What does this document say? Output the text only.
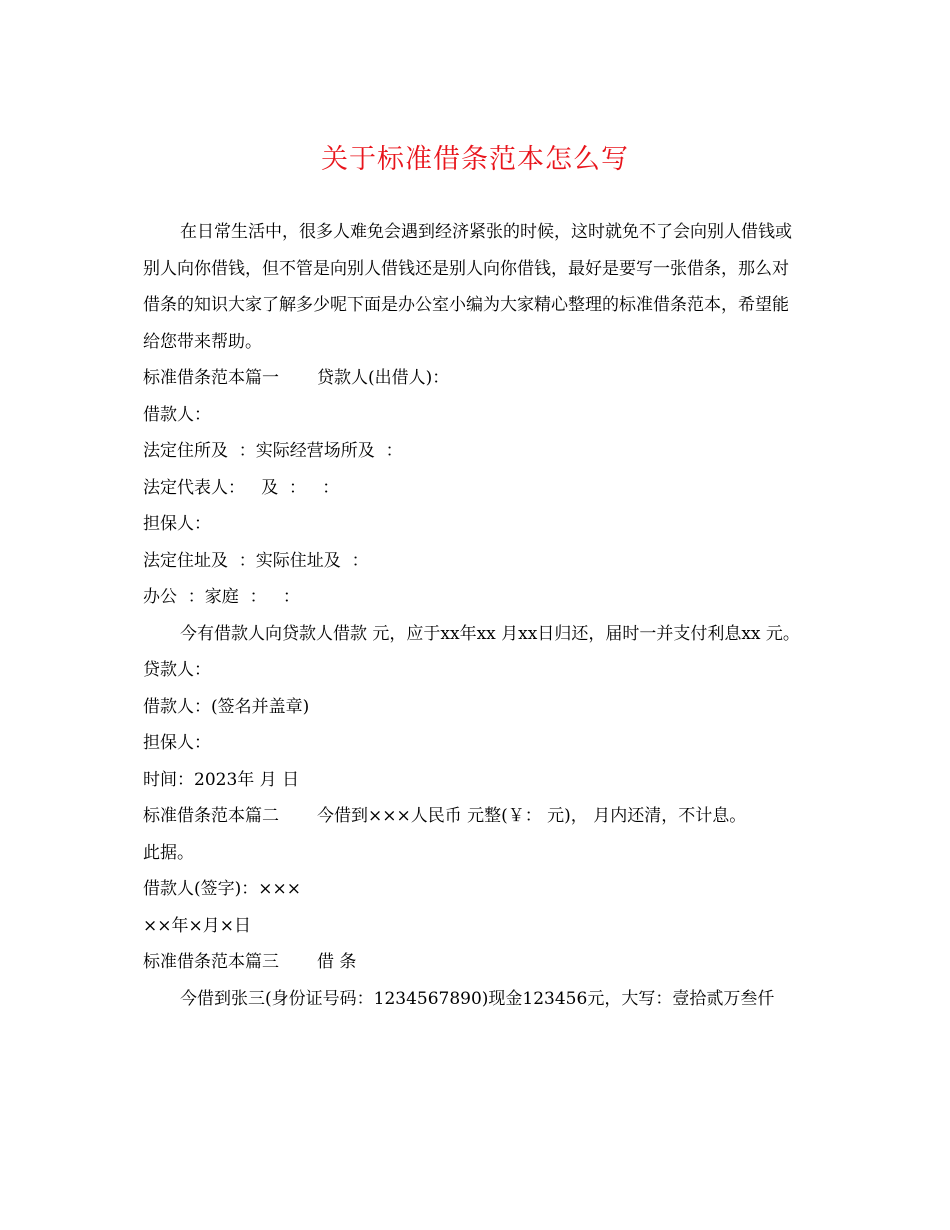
关于标准借条范本怎么写

在日常生活中，很多人难免会遇到经济紧张的时候，这时就免不了会向别人借钱或别人向你借钱，但不管是向别人借钱还是别人向你借钱，最好是要写一张借条，那么对借条的知识大家了解多少呢下面是办公室小编为大家精心整理的标准借条范本，希望能给您带来帮助。

标准借条范本篇一 贷款人(出借人)：

借款人：

法定住所及  ：实际经营场所及  ：

法定代表人：   及  ：   ：

担保人：

法定住址及  ：实际住址及  ：

办公  ：家庭  ：   ：

今有借款人向贷款人借款 元，应于xx年xx 月xx日归还，届时一并支付利息xx 元。

贷款人：

借款人：(签名并盖章)

担保人：

时间：2023年 月 日

标准借条范本篇二 今借到×××人民币 元整(￥： 元)， 月内还清，不计息。

此据。

借款人(签字)：×××

××年×月×日

标准借条范本篇三 借 条

今借到张三(身份证号码：1234567890)现金123456元，大写：壹拾贰万叁仟
